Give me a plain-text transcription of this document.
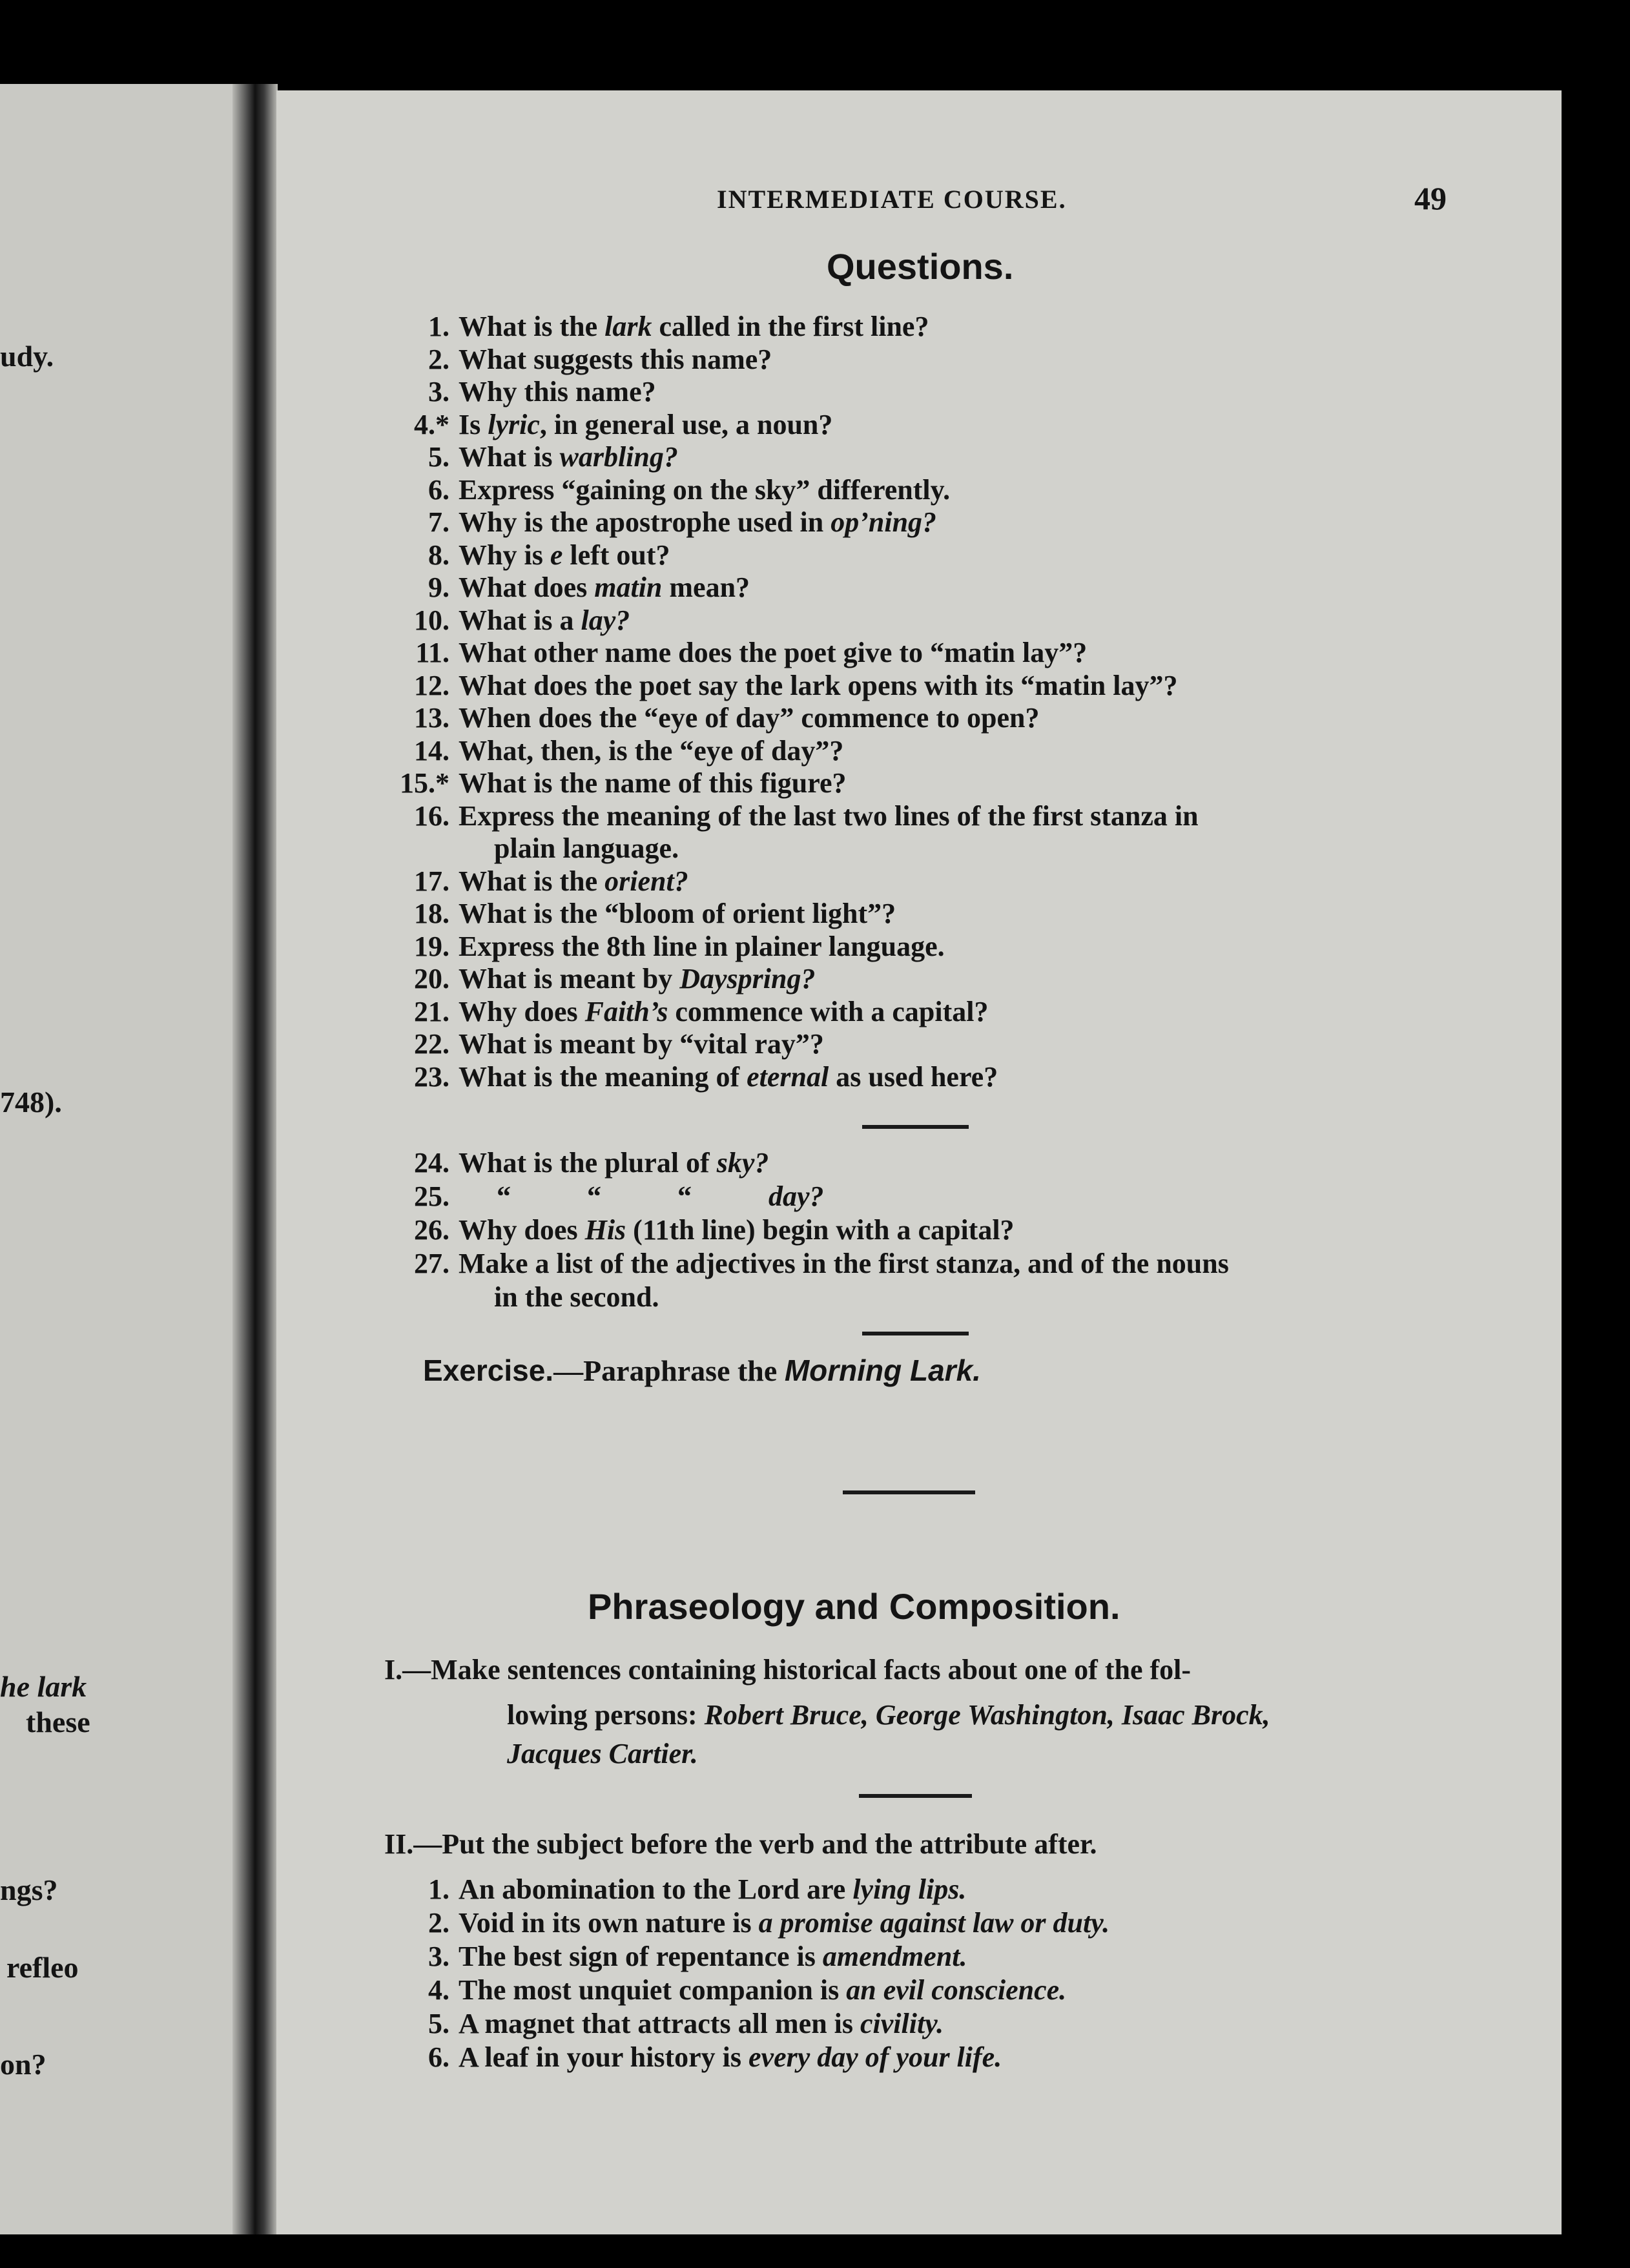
udy.
748).
he lark
these
ngs?
refleo
on?
INTERMEDIATE COURSE.	49
Questions.
1. What is the lark called in the first line?
2. What suggests this name?
3. Why this name?
4.* Is lyric, in general use, a noun?
5. What is warbling?
6. Express “gaining on the sky” differently.
7. Why is the apostrophe used in op’ning?
8. Why is e left out?
9. What does matin mean?
10. What is a lay?
11. What other name does the poet give to “matin lay”?
12. What does the poet say the lark opens with its “matin lay”?
13. When does the “eye of day” commence to open?
14. What, then, is the “eye of day”?
15.* What is the name of this figure?
16. Express the meaning of the last two lines of the first stanza in
plain language.
17. What is the orient?
18. What is the “bloom of orient light”?
19. Express the 8th line in plainer language.
20. What is meant by Dayspring?
21. Why does Faith’s commence with a capital?
22. What is meant by “vital ray”?
23. What is the meaning of eternal as used here?
24. What is the plural of sky?
25. “	“	“	day?
26. Why does His (11th line) begin with a capital?
27. Make a list of the adjectives in the first stanza, and of the nouns
in the second.
Exercise.—Paraphrase the Morning Lark.
Phraseology and Composition.
I.—Make sentences containing historical facts about one of the fol-
lowing persons: Robert Bruce, George Washington, Isaac Brock,
Jacques Cartier.
II.—Put the subject before the verb and the attribute after.
1. An abomination to the Lord are lying lips.
2. Void in its own nature is a promise against law or duty.
3. The best sign of repentance is amendment.
4. The most unquiet companion is an evil conscience.
5. A magnet that attracts all men is civility.
6. A leaf in your history is every day of your life.
